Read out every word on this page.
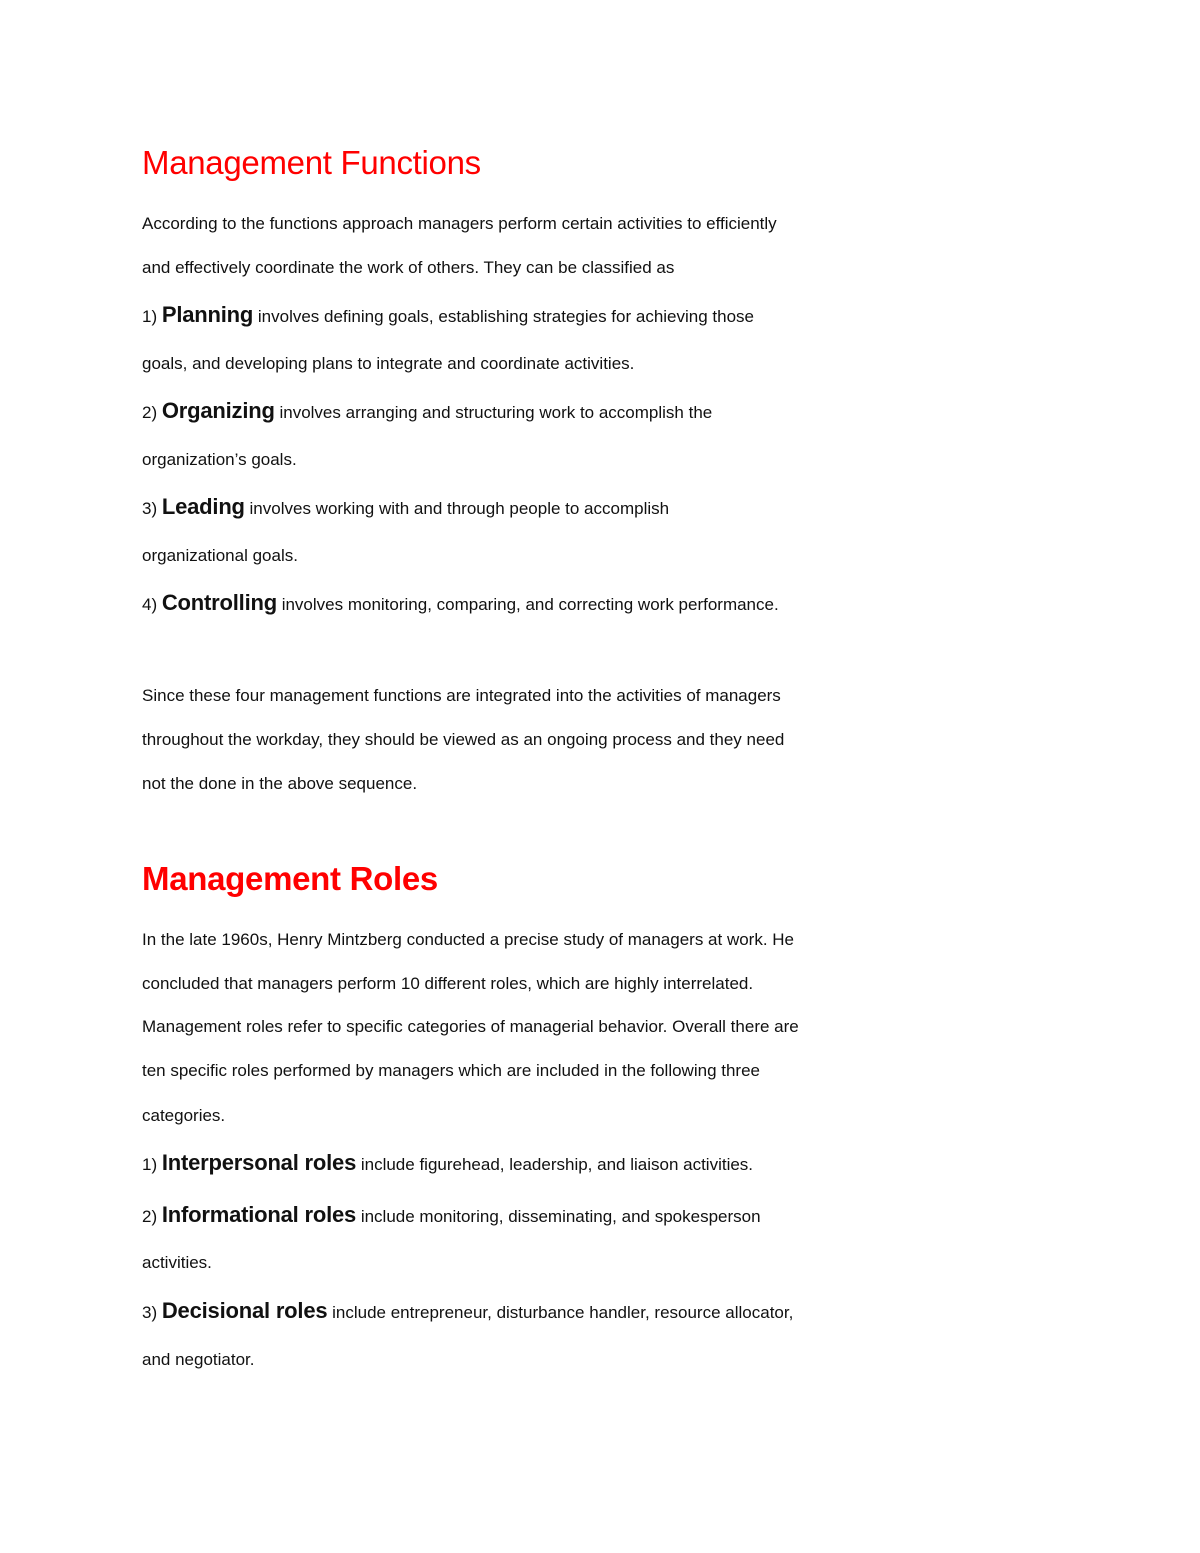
Management Functions

According to the functions approach managers perform certain activities to efficiently

and effectively coordinate the work of others. They can be classified as

1) Planning involves defining goals, establishing strategies for achieving those

goals, and developing plans to integrate and coordinate activities.

2) Organizing involves arranging and structuring work to accomplish the

organization’s goals.

3) Leading involves working with and through people to accomplish

organizational goals.

4) Controlling involves monitoring, comparing, and correcting work performance.

Since these four management functions are integrated into the activities of managers

throughout the workday, they should be viewed as an ongoing process and they need

not the done in the above sequence.

Management Roles

In the late 1960s, Henry Mintzberg conducted a precise study of managers at work. He

concluded that managers perform 10 different roles, which are highly interrelated.

Management roles refer to specific categories of managerial behavior. Overall there are

ten specific roles performed by managers which are included in the following three

categories.

1) Interpersonal roles include figurehead, leadership, and liaison activities.

2) Informational roles include monitoring, disseminating, and spokesperson

activities.

3) Decisional roles include entrepreneur, disturbance handler, resource allocator,

and negotiator.
